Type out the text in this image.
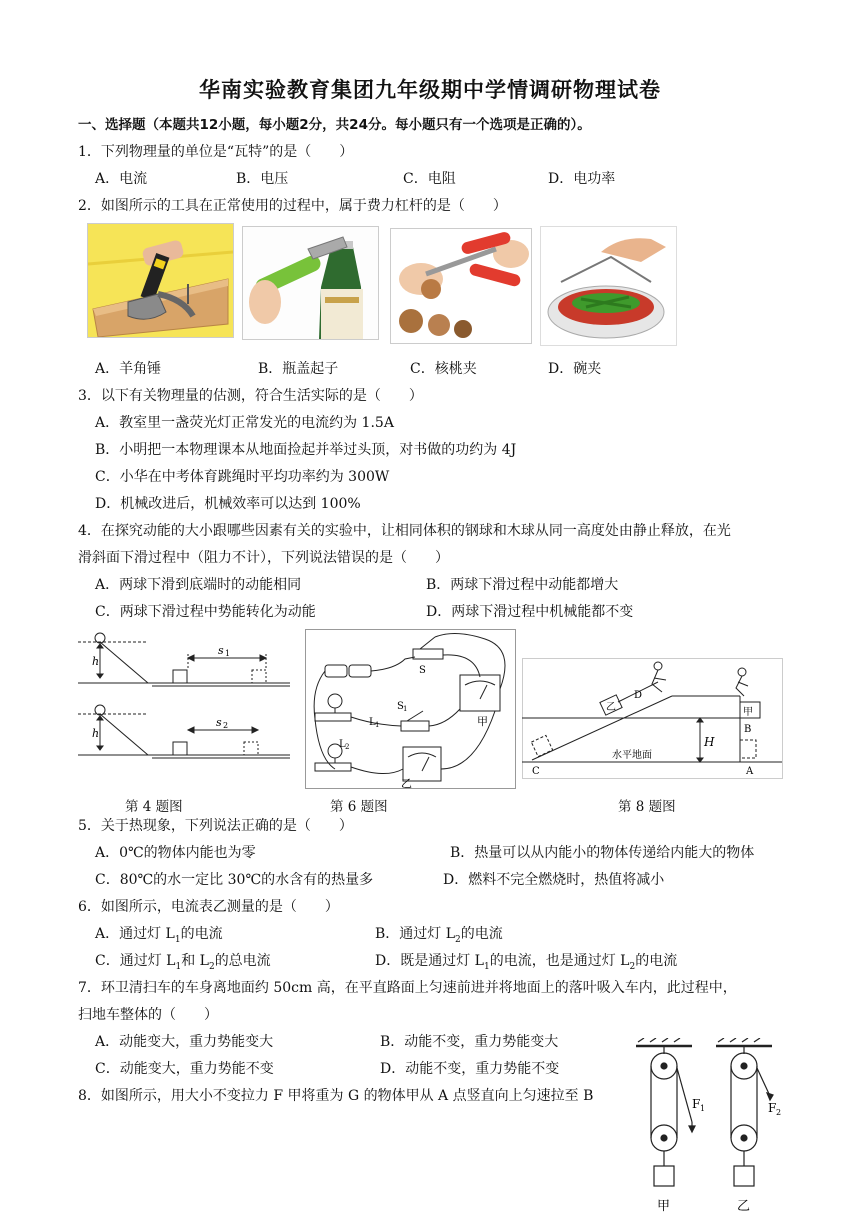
华南实验教育集团九年级期中学情调研物理试卷
一、选择题（本题共12小题，每小题2分，共24分。每小题只有一个选项是正确的）。
1．下列物理量的单位是“瓦特”的是（　　）
A．电流	B．电压	C．电阻	D．电功率
2．如图所示的工具在正常使用的过程中，属于费力杠杆的是（　　）
A．羊角锤	B．瓶盖起子	C．核桃夹	D．碗夹
3．以下有关物理量的估测，符合生活实际的是（　　）
A．教室里一盏荧光灯正常发光的电流约为 1.5A
B．小明把一本物理课本从地面捡起并举过头顶，对书做的功约为 4J
C．小华在中考体育跳绳时平均功率约为 300W
D．机械改进后，机械效率可以达到 100%
4．在探究动能的大小跟哪些因素有关的实验中，让相同体积的钢球和木球从同一高度处由静止释放，在光
滑斜面下滑过程中（阻力不计），下列说法错误的是（　　）
A．两球下滑到底端时的动能相同	B．两球下滑过程中动能都增大
C．两球下滑过程中势能转化为动能	D．两球下滑过程中机械能都不变
h
h
s 1
s 2
第 4 题图
S
S 1
L 1
L 2
甲
乙
第 6 题图
D
乙	甲
H
B
C	A
水平地面
第 8 题图
5．关于热现象，下列说法正确的是（　　）
A．0℃的物体内能也为零	B．热量可以从内能小的物体传递给内能大的物体
C．80℃的水一定比 30℃的水含有的热量多	D．燃料不完全燃烧时，热值将减小
6．如图所示，电流表乙测量的是（　　）
A．通过灯 $L_1$的电流	B．通过灯 $L_2$的电流
C．通过灯 $L_1$和 $L_2$的总电流	D．既是通过灯 $L_1$的电流，也是通过灯 $L_2$的电流
7．环卫清扫车的车身离地面约 50cm 高，在平直路面上匀速前进并将地面上的落叶吸入车内，此过程中，
扫地车整体的（　　）
A．动能变大，重力势能变大	B．动能不变，重力势能变大
C．动能变大，重力势能不变	D．动能不变，重力势能不变
8．如图所示，用大小不变拉力 F 甲将重为 G 的物体甲从 A 点竖直向上匀速拉至 B	F 1	F 2
甲	乙
